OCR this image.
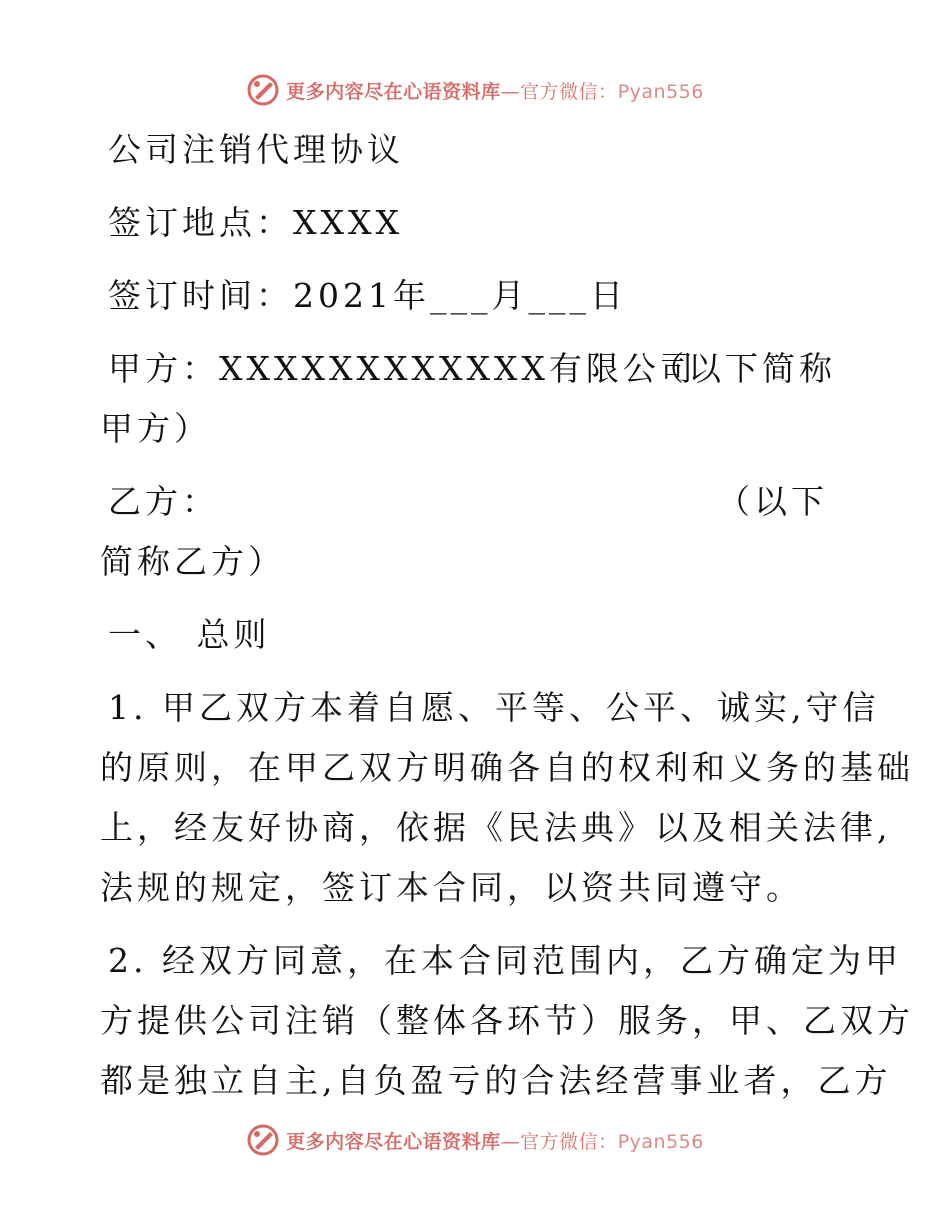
更多内容尽在心语资料库—官方微信：Pyan556
公司注销代理协议
签订地点：XXXX
签订时间：2021年___月___日
甲方：XXXXXXXXXXXX有限公司
（以下简称
甲方）
乙方：	（以下
简称乙方）
一、 总则
1. 甲乙双方本着自愿、平等、公平、诚实,守信
的原则，在甲乙双方明确各自的权利和义务的基础
上，经友好协商，依据《民法典》以及相关法律,
法规的规定，签订本合同，以资共同遵守。
2. 经双方同意，在本合同范围内，乙方确定为甲
方提供公司注销（整体各环节）服务，甲、乙双方
都是独立自主,自负盈亏的合法经营事业者，乙方
更多内容尽在心语资料库—官方微信：Pyan556
